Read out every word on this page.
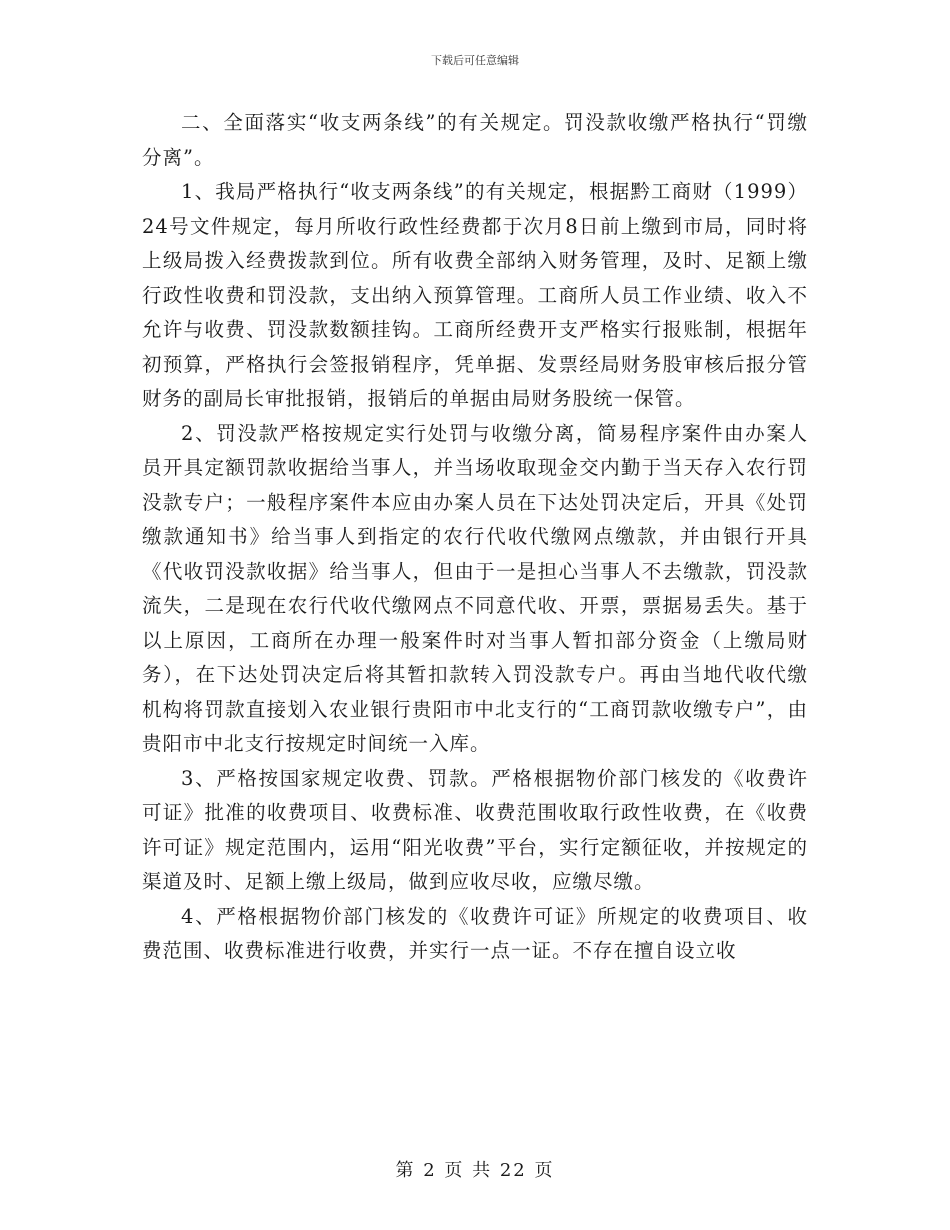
下载后可任意编辑

二、全面落实“收支两条线”的有关规定。罚没款收缴严格执行“罚缴分离”。

1、我局严格执行“收支两条线”的有关规定，根据黔工商财（1999）24号文件规定，每月所收行政性经费都于次月8日前上缴到市局，同时将上级局拨入经费拨款到位。所有收费全部纳入财务管理，及时、足额上缴行政性收费和罚没款，支出纳入预算管理。工商所人员工作业绩、收入不允许与收费、罚没款数额挂钩。工商所经费开支严格实行报账制，根据年初预算，严格执行会签报销程序，凭单据、发票经局财务股审核后报分管财务的副局长审批报销，报销后的单据由局财务股统一保管。

2、罚没款严格按规定实行处罚与收缴分离，简易程序案件由办案人员开具定额罚款收据给当事人，并当场收取现金交内勤于当天存入农行罚没款专户；一般程序案件本应由办案人员在下达处罚决定后，开具《处罚缴款通知书》给当事人到指定的农行代收代缴网点缴款，并由银行开具《代收罚没款收据》给当事人，但由于一是担心当事人不去缴款，罚没款流失，二是现在农行代收代缴网点不同意代收、开票，票据易丢失。基于以上原因，工商所在办理一般案件时对当事人暂扣部分资金（上缴局财务），在下达处罚决定后将其暂扣款转入罚没款专户。再由当地代收代缴机构将罚款直接划入农业银行贵阳市中北支行的“工商罚款收缴专户”，由贵阳市中北支行按规定时间统一入库。

3、严格按国家规定收费、罚款。严格根据物价部门核发的《收费许可证》批准的收费项目、收费标准、收费范围收取行政性收费，在《收费许可证》规定范围内，运用“阳光收费”平台，实行定额征收，并按规定的渠道及时、足额上缴上级局，做到应收尽收，应缴尽缴。

4、严格根据物价部门核发的《收费许可证》所规定的收费项目、收费范围、收费标准进行收费，并实行一点一证。不存在擅自设立收

第 2 页 共 22 页
